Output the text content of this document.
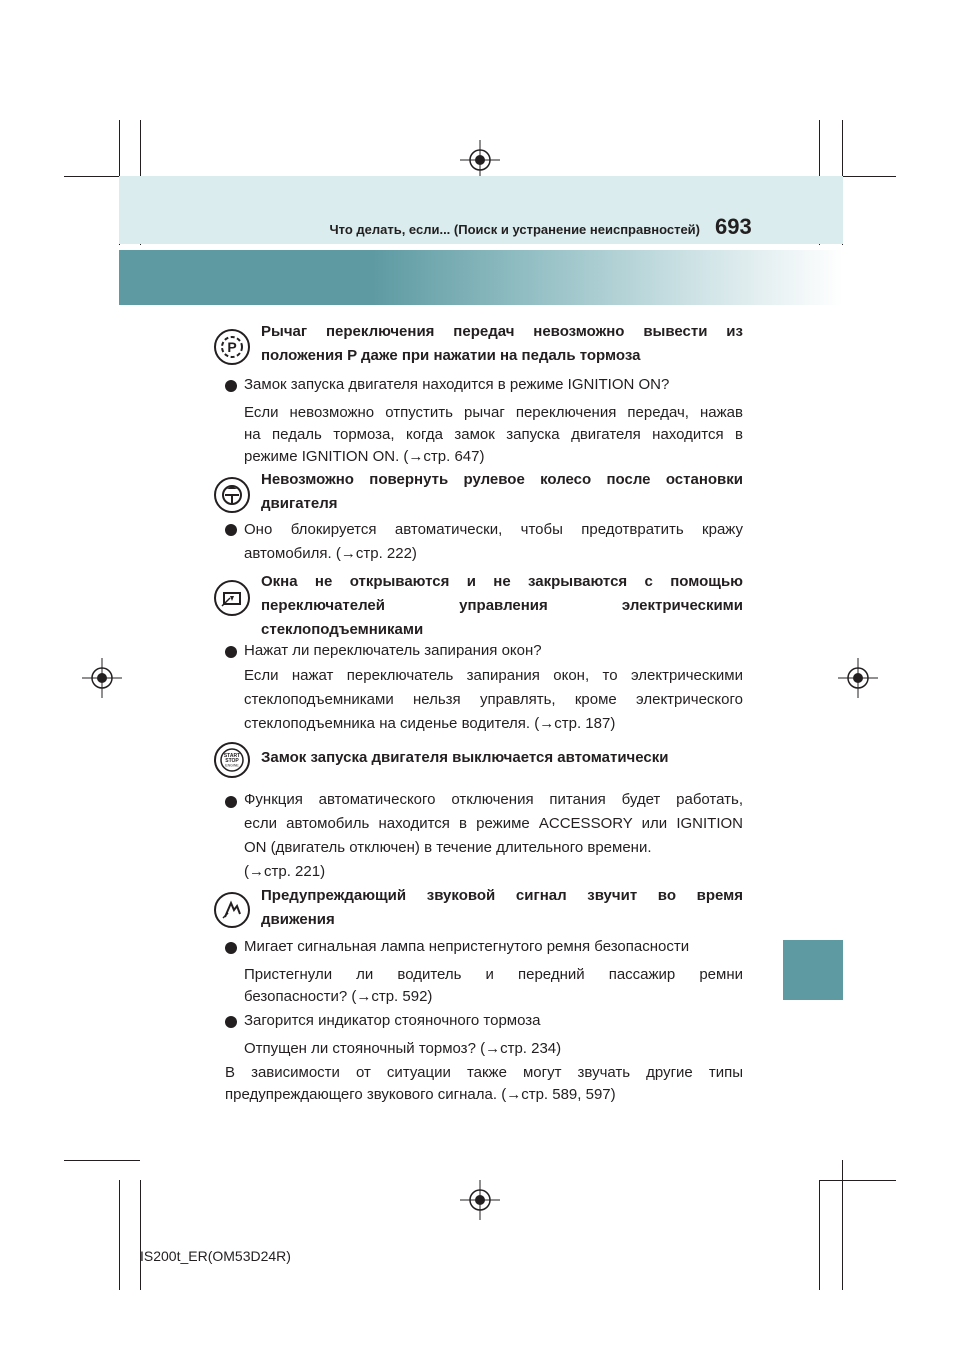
Что делать, если... (Поиск и устранение неисправностей) 693
P
Рычаг переключения передач невозможно вывести из
положения P даже при нажатии на педаль тормоза
Замок запуска двигателя находится в режиме IGNITION ON?
Если невозможно отпустить рычаг переключения передач, нажав
на педаль тормоза, когда замок запуска двигателя находится в
режиме IGNITION ON. (→стр. 647)
Невозможно повернуть рулевое колесо после остановки
двигателя
Оно блокируется автоматически, чтобы предотвратить кражу
автомобиля. (→стр. 222)
Окна не открываются и не закрываются с помощью
переключателей управления электрическими
стеклоподъемниками
Нажат ли переключатель запирания окон?
Если нажат переключатель запирания окон, то электрическими
стеклоподъемниками нельзя управлять, кроме электрического
стеклоподъемника на сиденье водителя. (→стр. 187)
START
STOP
ENGINE Замок запуска двигателя выключается автоматически
Функция автоматического отключения питания будет работать,
если автомобиль находится в режиме ACCESSORY или IGNITION
ON (двигатель отключен) в течение длительного времени.
(→стр. 221)
Предупреждающий звуковой сигнал звучит во время
движения
Мигает сигнальная лампа непристегнутого ремня безопасности
Пристегнули ли водитель и передний пассажир ремни
безопасности? (→стр. 592)
Загорится индикатор стояночного тормоза
Отпущен ли стояночный тормоз? (→стр. 234)
В зависимости от ситуации также могут звучать другие типы
предупреждающего звукового сигнала. (→стр. 589, 597)
IS200t_ER(OM53D24R)
